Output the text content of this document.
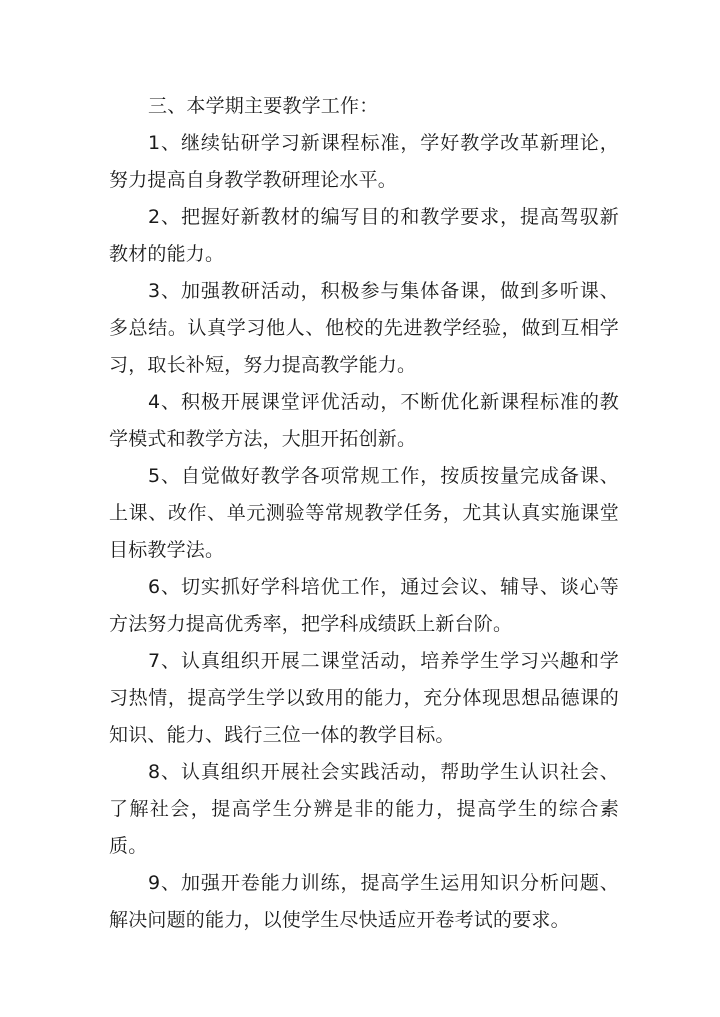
三、本学期主要教学工作：

1、继续钻研学习新课程标准，学好教学改革新理论，努力提高自身教学教研理论水平。

2、把握好新教材的编写目的和教学要求，提高驾驭新教材的能力。

3、加强教研活动，积极参与集体备课，做到多听课、多总结。认真学习他人、他校的先进教学经验，做到互相学习，取长补短，努力提高教学能力。

4、积极开展课堂评优活动，不断优化新课程标准的教学模式和教学方法，大胆开拓创新。

5、自觉做好教学各项常规工作，按质按量完成备课、上课、改作、单元测验等常规教学任务，尤其认真实施课堂目标教学法。

6、切实抓好学科培优工作，通过会议、辅导、谈心等方法努力提高优秀率，把学科成绩跃上新台阶。

7、认真组织开展二课堂活动，培养学生学习兴趣和学习热情，提高学生学以致用的能力，充分体现思想品德课的知识、能力、践行三位一体的教学目标。

8、认真组织开展社会实践活动，帮助学生认识社会、了解社会，提高学生分辨是非的能力，提高学生的综合素质。

9、加强开卷能力训练，提高学生运用知识分析问题、解决问题的能力，以使学生尽快适应开卷考试的要求。
